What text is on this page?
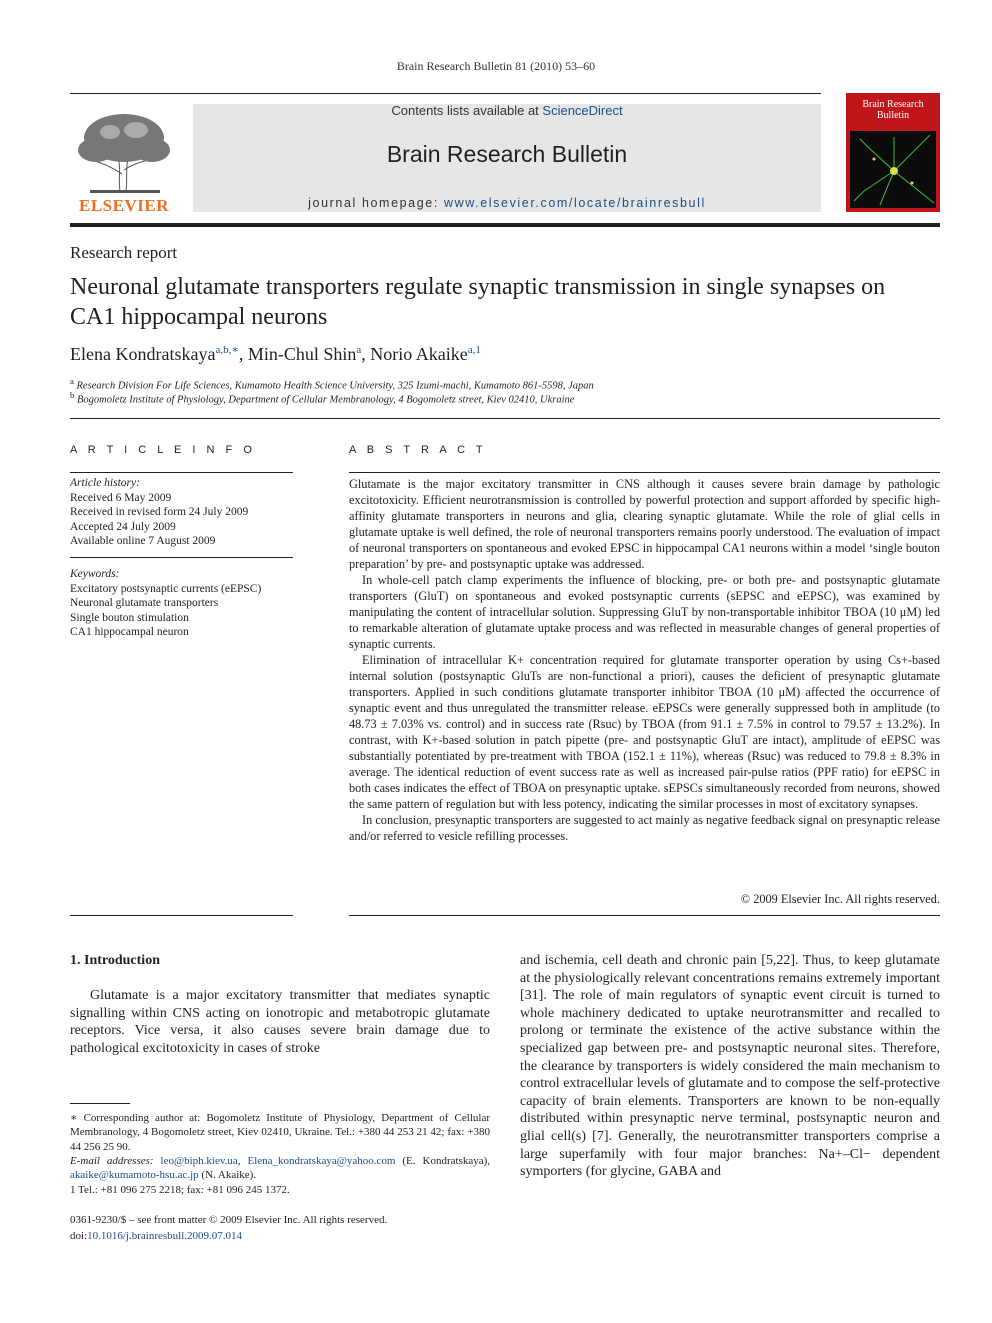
Brain Research Bulletin 81 (2010) 53–60
ELSEVIER
Contents lists available at ScienceDirect
Brain Research Bulletin
journal homepage: www.elsevier.com/locate/brainresbull
Brain Research
Bulletin
Research report
Neuronal glutamate transporters regulate synaptic transmission in single synapses on CA1 hippocampal neurons
Elena Kondratskaya$^{a,b,∗}$, Min-Chul Shin$^a$, Norio Akaike$^{a,1}$
$^a$ Research Division For Life Sciences, Kumamoto Health Science University, 325 Izumi-machi, Kumamoto 861-5598, Japan
$^b$ Bogomoletz Institute of Physiology, Department of Cellular Membranology, 4 Bogomoletz street, Kiev 02410, Ukraine
A R T I C L E I N F O	A B S T R A C T
Article history:
Received 6 May 2009
Received in revised form 24 July 2009
Accepted 24 July 2009
Available online 7 August 2009
Keywords:
Excitatory postsynaptic currents (eEPSC)
Neuronal glutamate transporters
Single bouton stimulation
CA1 hippocampal neuron

Glutamate is the major excitatory transmitter in CNS although it causes severe brain damage by pathologic excitotoxicity. Efficient neurotransmission is controlled by powerful protection and support afforded by specific high-affinity glutamate transporters in neurons and glia, clearing synaptic glutamate. While the role of glial cells in glutamate uptake is well defined, the role of neuronal transporters remains poorly understood. The evaluation of impact of neuronal transporters on spontaneous and evoked EPSC in hippocampal CA1 neurons within a model ‘single bouton preparation’ by pre- and postsynaptic uptake was addressed.

In whole-cell patch clamp experiments the influence of blocking, pre- or both pre- and postsynaptic glutamate transporters (GluT) on spontaneous and evoked postsynaptic currents (sEPSC and eEPSC), was examined by manipulating the content of intracellular solution. Suppressing GluT by non-transportable inhibitor TBOA (10 μM) led to remarkable alteration of glutamate uptake process and was reflected in measurable changes of general properties of synaptic currents.

Elimination of intracellular K+ concentration required for glutamate transporter operation by using Cs+-based internal solution (postsynaptic GluTs are non-functional a priori), causes the deficient of presynaptic glutamate transporters. Applied in such conditions glutamate transporter inhibitor TBOA (10 μM) affected the occurrence of synaptic event and thus unregulated the transmitter release. eEPSCs were generally suppressed both in amplitude (to 48.73 ± 7.03% vs. control) and in success rate (Rsuc) by TBOA (from 91.1 ± 7.5% in control to 79.57 ± 13.2%). In contrast, with K+-based solution in patch pipette (pre- and postsynaptic GluT are intact), amplitude of eEPSC was substantially potentiated by pre-treatment with TBOA (152.1 ± 11%), whereas (Rsuc) was reduced to 79.8 ± 8.3% in average. The identical reduction of event success rate as well as increased pair-pulse ratios (PPF ratio) for eEPSC in both cases indicates the effect of TBOA on presynaptic uptake. sEPSCs simultaneously recorded from neurons, showed the same pattern of regulation but with less potency, indicating the similar processes in most of excitatory synapses.

In conclusion, presynaptic transporters are suggested to act mainly as negative feedback signal on presynaptic release and/or referred to vesicle refilling processes.

© 2009 Elsevier Inc. All rights reserved.
1. Introduction
Glutamate is a major excitatory transmitter that mediates synaptic signalling within CNS acting on ionotropic and metabotropic glutamate receptors. Vice versa, it also causes severe brain damage due to pathological excitotoxicity in cases of stroke
and ischemia, cell death and chronic pain [5,22]. Thus, to keep glutamate at the physiologically relevant concentrations remains extremely important [31]. The role of main regulators of synaptic event circuit is turned to whole machinery dedicated to uptake neurotransmitter and recalled to prolong or terminate the existence of the active substance within the specialized gap between pre- and postsynaptic neuronal sites. Therefore, the clearance by transporters is widely considered the main mechanism to control extracellular levels of glutamate and to compose the self-protective capacity of brain elements. Transporters are known to be non-equally distributed within presynaptic nerve terminal, postsynaptic neuron and glial cell(s) [7]. Generally, the neurotransmitter transporters comprise a large superfamily with four major branches: Na+–Cl− dependent symporters (for glycine, GABA and
∗ Corresponding author at: Bogomoletz Institute of Physiology, Department of Cellular Membranology, 4 Bogomoletz street, Kiev 02410, Ukraine. Tel.: +380 44 253 21 42; fax: +380 44 256 25 90.
E-mail addresses: leo@biph.kiev.ua, Elena_kondratskaya@yahoo.com (E. Kondratskaya), akaike@kumamoto-hsu.ac.jp (N. Akaike).
1 Tel.: +81 096 275 2218; fax: +81 096 245 1372.
0361-9230/$ – see front matter © 2009 Elsevier Inc. All rights reserved.
doi:10.1016/j.brainresbull.2009.07.014
